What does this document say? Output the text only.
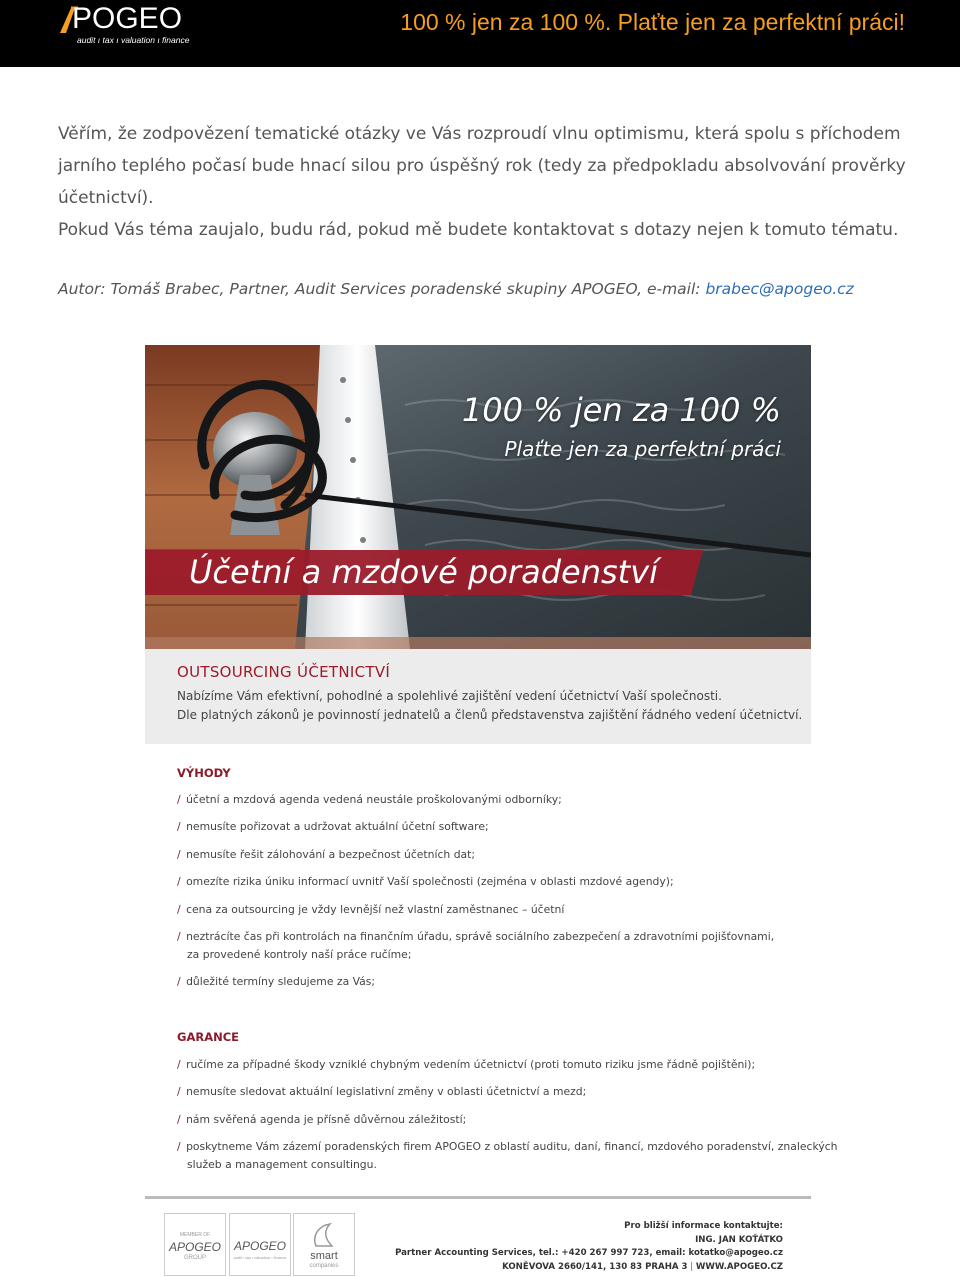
POGEO
audit ı tax ı valuation ı finance
100 % jen za 100 %. Plaťte jen za perfektní práci!

Věřím, že zodpovězení tematické otázky ve Vás rozproudí vlnu optimismu, která spolu s příchodem jarního teplého počasí bude hnací silou pro úspěšný rok (tedy za předpokladu absolvování prověrky účetnictví).

Pokud Vás téma zaujalo, budu rád, pokud mě budete kontaktovat s dotazy nejen k tomuto tématu.

Autor: Tomáš Brabec, Partner, Audit Services poradenské skupiny APOGEO, e-mail: brabec@apogeo.cz
100 % jen za 100 %
Plaťte jen za perfektní práci
Účetní a mzdové poradenství
OUTSOURCING ÚČETNICTVÍ
Nabízíme Vám efektivní, pohodlné a spolehlivé zajištění vedení účetnictví Vaší společnosti.
Dle platných zákonů je povinností jednatelů a členů představenstva zajištění řádného vedení účetnictví.
VÝHODY
/ účetní a mzdová agenda vedená neustále proškolovanými odborníky;
/ nemusíte pořizovat a udržovat aktuální účetní software;
/ nemusíte řešit zálohování a bezpečnost účetních dat;
/ omezíte rizika úniku informací uvnitř Vaší společnosti (zejména v oblasti mzdové agendy);
/ cena za outsourcing je vždy levnější než vlastní zaměstnanec – účetní
/ neztrácíte čas při kontrolách na finančním úřadu, správě sociálního zabezpečení a zdravotními pojišťovnami,
za provedené kontroly naší práce ručíme;
/ důležité termíny sledujeme za Vás;
GARANCE
/ ručíme za případné škody vzniklé chybným vedením účetnictví (proti tomuto riziku jsme řádně pojištěni);
/ nemusíte sledovat aktuální legislativní změny v oblasti účetnictví a mezd;
/ nám svěřená agenda je přísně důvěrnou záležitostí;
/ poskytneme Vám zázemí poradenských firem APOGEO z oblastí auditu, daní, financí, mzdového poradenství, znaleckých
služeb a management consultingu.
MEMBER OF
APOGEO
GROUP
APOGEO
audit ı tax ı valuation ı finance	smart
companies
Pro bližší informace kontaktujte:
ING. JAN KOŤÁTKO
Partner Accounting Services, tel.: +420 267 997 723, email: kotatko@apogeo.cz
KONĚVOVA 2660/141, 130 83 PRAHA 3 | WWW.APOGEO.CZ
